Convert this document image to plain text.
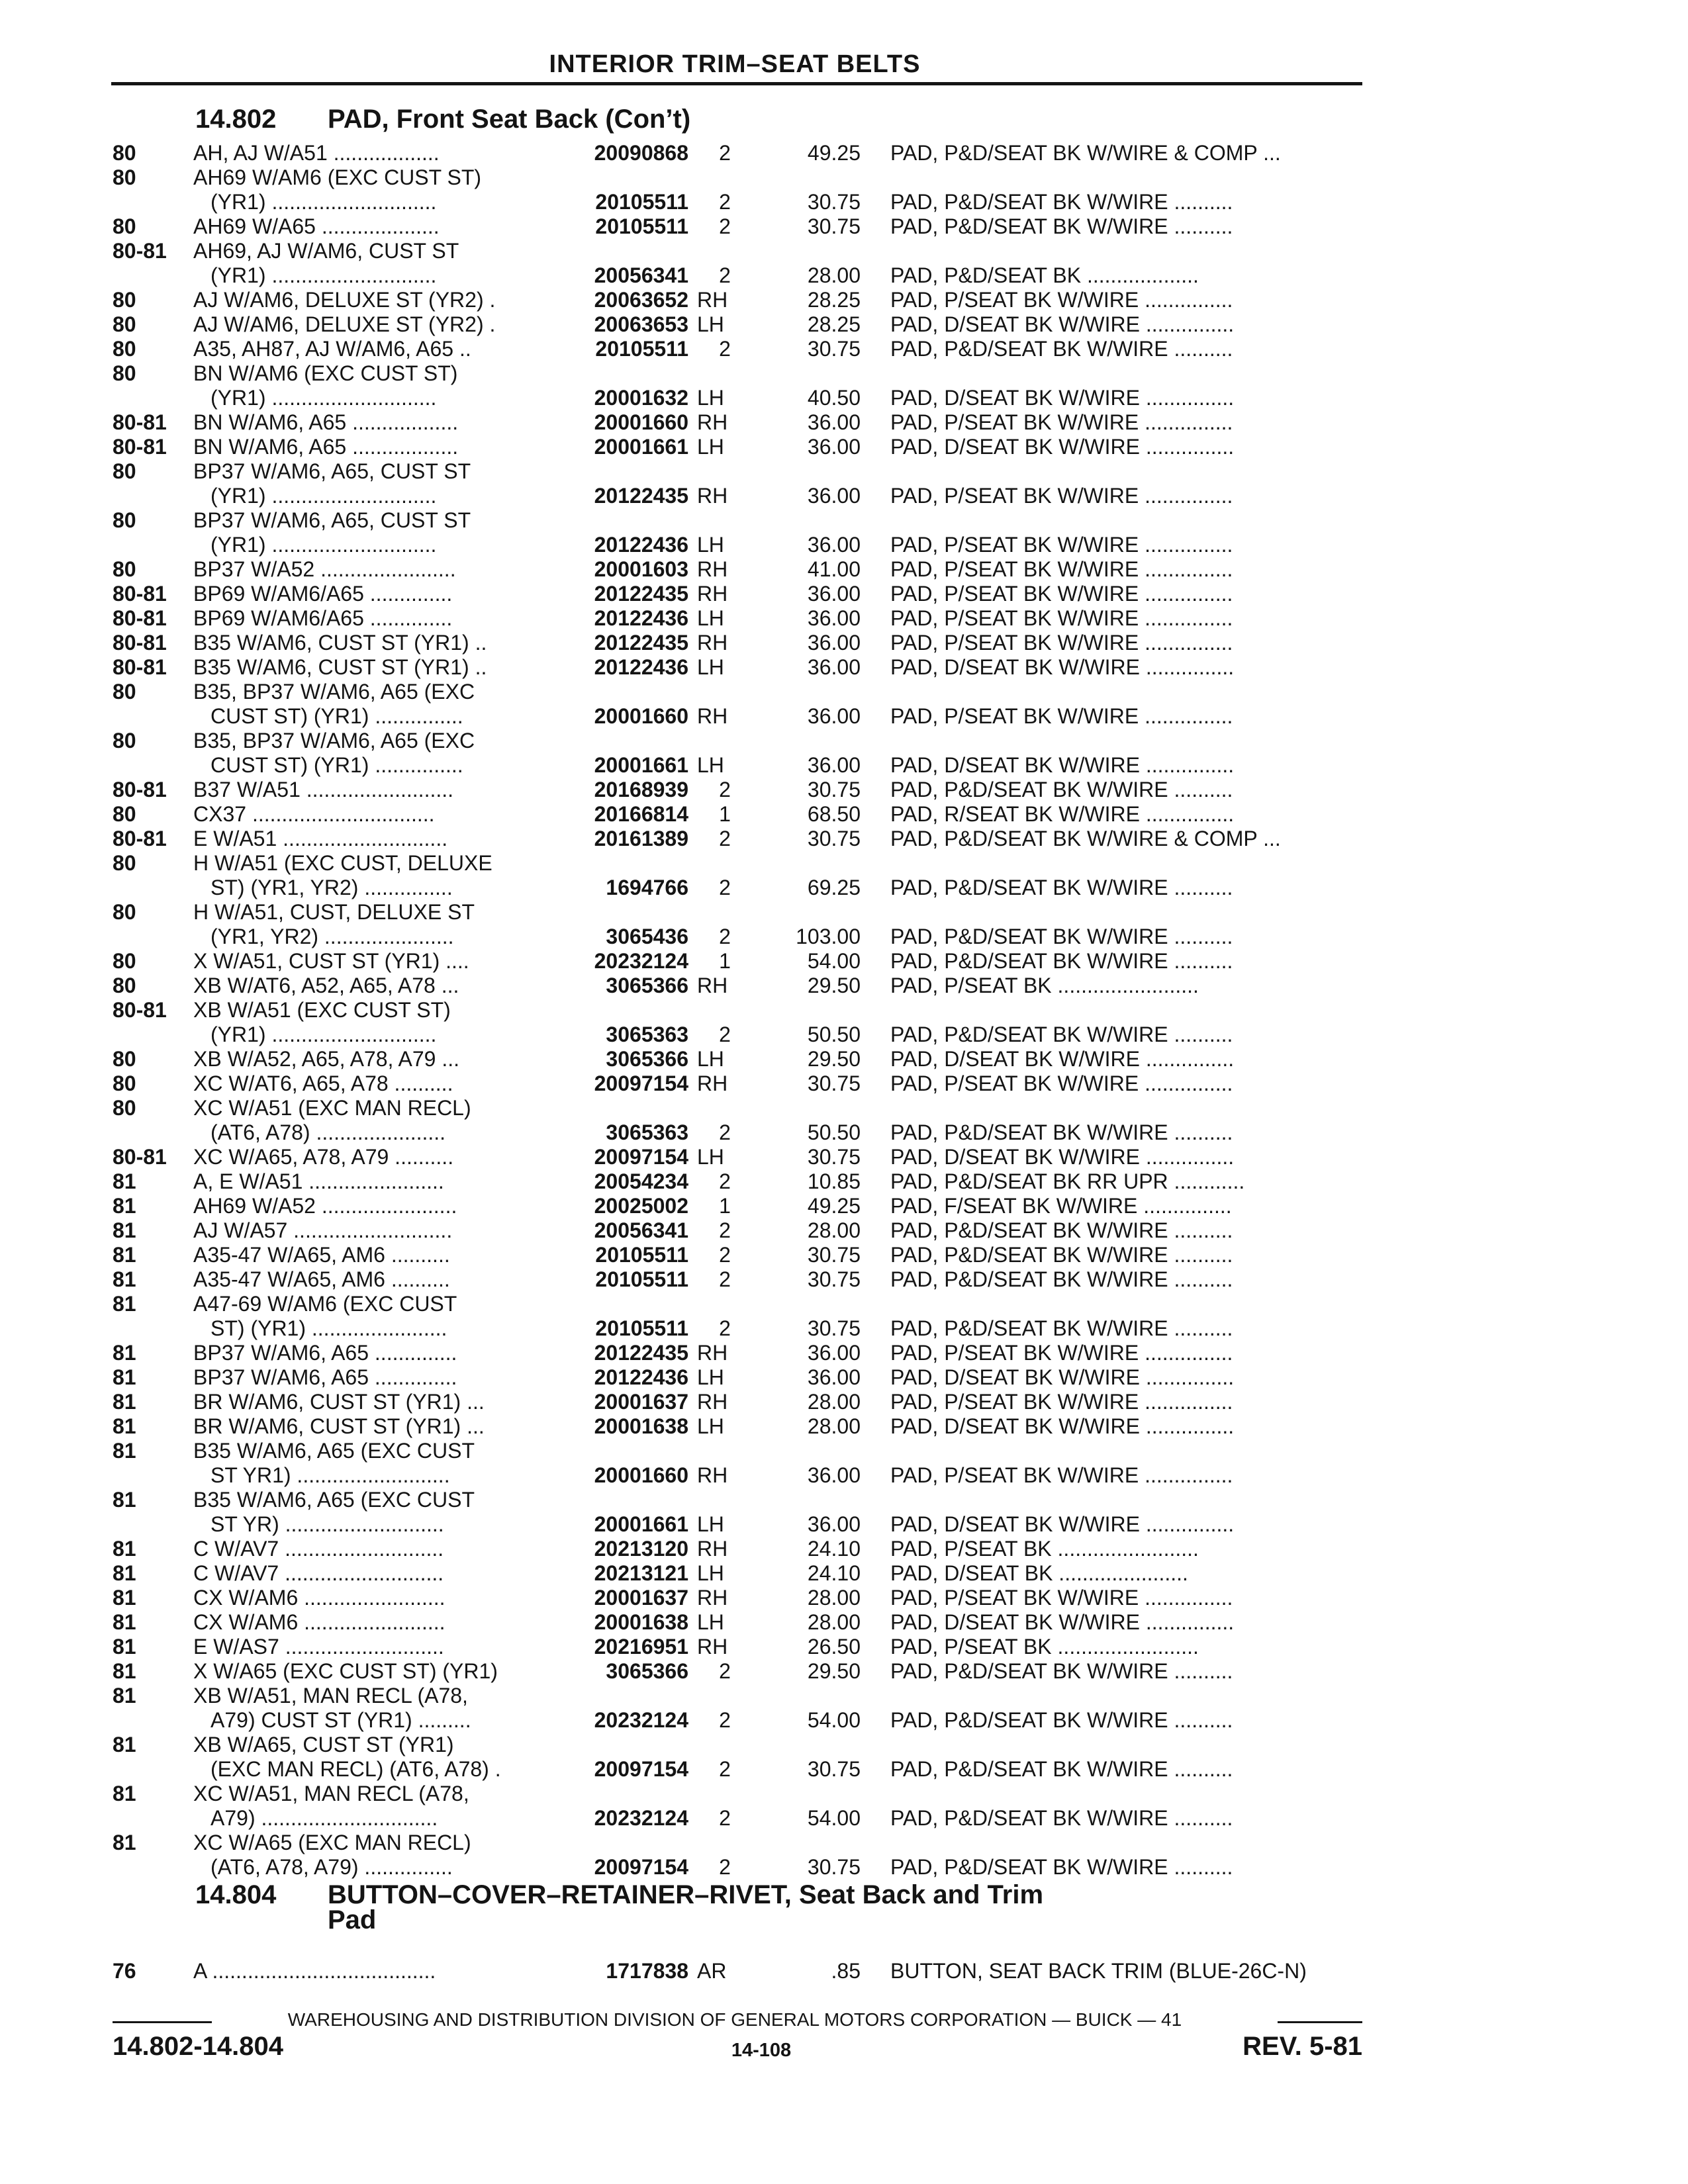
INTERIOR TRIM–SEAT BELTS
14.802 PAD, Front Seat Back (Con’t)
80	AH, AJ W/A51 ..................	20090868	2	49.25 PAD, P&D/SEAT BK W/WIRE & COMP ...
80	AH69 W/AM6 (EXC CUST ST)
(YR1) ............................	20105511	2	30.75 PAD, P&D/SEAT BK W/WIRE ..........
80	AH69 W/A65 ....................	20105511	2	30.75 PAD, P&D/SEAT BK W/WIRE ..........
80-81 AH69, AJ W/AM6, CUST ST
(YR1) ............................	20056341	2	28.00 PAD, P&D/SEAT BK ...................
80	AJ W/AM6, DELUXE ST (YR2) .	20063652 RH	28.25 PAD, P/SEAT BK W/WIRE ...............
80	AJ W/AM6, DELUXE ST (YR2) .	20063653 LH	28.25 PAD, D/SEAT BK W/WIRE ...............
80	A35, AH87, AJ W/AM6, A65 ..	20105511	2	30.75 PAD, P&D/SEAT BK W/WIRE ..........
80	BN W/AM6 (EXC CUST ST)
(YR1) ............................	20001632 LH	40.50 PAD, D/SEAT BK W/WIRE ...............
80-81 BN W/AM6, A65 ..................	20001660 RH	36.00 PAD, P/SEAT BK W/WIRE ...............
80-81 BN W/AM6, A65 ..................	20001661 LH	36.00 PAD, D/SEAT BK W/WIRE ...............
80	BP37 W/AM6, A65, CUST ST
(YR1) ............................	20122435 RH	36.00 PAD, P/SEAT BK W/WIRE ...............
80	BP37 W/AM6, A65, CUST ST
(YR1) ............................	20122436 LH	36.00 PAD, P/SEAT BK W/WIRE ...............
80	BP37 W/A52 .......................	20001603 RH	41.00 PAD, P/SEAT BK W/WIRE ...............
80-81 BP69 W/AM6/A65 ..............	20122435 RH	36.00 PAD, P/SEAT BK W/WIRE ...............
80-81 BP69 W/AM6/A65 ..............	20122436 LH	36.00 PAD, P/SEAT BK W/WIRE ...............
80-81 B35 W/AM6, CUST ST (YR1) ..	20122435 RH	36.00 PAD, P/SEAT BK W/WIRE ...............
80-81 B35 W/AM6, CUST ST (YR1) ..	20122436 LH	36.00 PAD, D/SEAT BK W/WIRE ...............
80	B35, BP37 W/AM6, A65 (EXC
CUST ST) (YR1) ...............	20001660 RH	36.00 PAD, P/SEAT BK W/WIRE ...............
80	B35, BP37 W/AM6, A65 (EXC
CUST ST) (YR1) ...............	20001661 LH	36.00 PAD, D/SEAT BK W/WIRE ...............
80-81 B37 W/A51 .........................	20168939	2	30.75 PAD, P&D/SEAT BK W/WIRE ..........
80	CX37 ...............................	20166814	1	68.50 PAD, R/SEAT BK W/WIRE ...............
80-81 E W/A51 ............................	20161389	2	30.75 PAD, P&D/SEAT BK W/WIRE & COMP ...
80	H W/A51 (EXC CUST, DELUXE
ST) (YR1, YR2) ...............	1694766	2	69.25 PAD, P&D/SEAT BK W/WIRE ..........
80	H W/A51, CUST, DELUXE ST
(YR1, YR2) ......................	3065436	2	103.00 PAD, P&D/SEAT BK W/WIRE ..........
80	X W/A51, CUST ST (YR1) ....	20232124	1	54.00 PAD, P&D/SEAT BK W/WIRE ..........
80	XB W/AT6, A52, A65, A78 ...	3065366 RH	29.50 PAD, P/SEAT BK ........................
80-81 XB W/A51 (EXC CUST ST)
(YR1) ............................	3065363	2	50.50 PAD, P&D/SEAT BK W/WIRE ..........
80	XB W/A52, A65, A78, A79 ...	3065366 LH	29.50 PAD, D/SEAT BK W/WIRE ...............
80	XC W/AT6, A65, A78 ..........	20097154 RH	30.75 PAD, P/SEAT BK W/WIRE ...............
80	XC W/A51 (EXC MAN RECL)
(AT6, A78) ......................	3065363	2	50.50 PAD, P&D/SEAT BK W/WIRE ..........
80-81 XC W/A65, A78, A79 ..........	20097154 LH	30.75 PAD, D/SEAT BK W/WIRE ...............
81	A, E W/A51 .......................	20054234	2	10.85 PAD, P&D/SEAT BK RR UPR ............
81	AH69 W/A52 .......................	20025002	1	49.25 PAD, F/SEAT BK W/WIRE ...............
81	AJ W/A57 ...........................	20056341	2	28.00 PAD, P&D/SEAT BK W/WIRE ..........
81	A35-47 W/A65, AM6 ..........	20105511	2	30.75 PAD, P&D/SEAT BK W/WIRE ..........
81	A35-47 W/A65, AM6 ..........	20105511	2	30.75 PAD, P&D/SEAT BK W/WIRE ..........
81	A47-69 W/AM6 (EXC CUST
ST) (YR1) .......................	20105511	2	30.75 PAD, P&D/SEAT BK W/WIRE ..........
81	BP37 W/AM6, A65 ..............	20122435 RH	36.00 PAD, P/SEAT BK W/WIRE ...............
81	BP37 W/AM6, A65 ..............	20122436 LH	36.00 PAD, D/SEAT BK W/WIRE ...............
81	BR W/AM6, CUST ST (YR1) ...	20001637 RH	28.00 PAD, P/SEAT BK W/WIRE ...............
81	BR W/AM6, CUST ST (YR1) ...	20001638 LH	28.00 PAD, D/SEAT BK W/WIRE ...............
81	B35 W/AM6, A65 (EXC CUST
ST YR1) ..........................	20001660 RH	36.00 PAD, P/SEAT BK W/WIRE ...............
81	B35 W/AM6, A65 (EXC CUST
ST YR) ...........................	20001661 LH	36.00 PAD, D/SEAT BK W/WIRE ...............
81	C W/AV7 ...........................	20213120 RH	24.10 PAD, P/SEAT BK ........................
81	C W/AV7 ...........................	20213121 LH	24.10 PAD, D/SEAT BK ......................
81	CX W/AM6 ........................	20001637 RH	28.00 PAD, P/SEAT BK W/WIRE ...............
81	CX W/AM6 ........................	20001638 LH	28.00 PAD, D/SEAT BK W/WIRE ...............
81	E W/AS7 ...........................	20216951 RH	26.50 PAD, P/SEAT BK ........................
81	X W/A65 (EXC CUST ST) (YR1)	3065366	2	29.50 PAD, P&D/SEAT BK W/WIRE ..........
81	XB W/A51, MAN RECL (A78,
A79) CUST ST (YR1) .........	20232124	2	54.00 PAD, P&D/SEAT BK W/WIRE ..........
81	XB W/A65, CUST ST (YR1)
(EXC MAN RECL) (AT6, A78) .	20097154	2	30.75 PAD, P&D/SEAT BK W/WIRE ..........
81	XC W/A51, MAN RECL (A78,
A79) ..............................	20232124	2	54.00 PAD, P&D/SEAT BK W/WIRE ..........
81	XC W/A65 (EXC MAN RECL)
(AT6, A78, A79) ...............	20097154	2	30.75 PAD, P&D/SEAT BK W/WIRE ..........
14.804 BUTTON–COVER–RETAINER–RIVET, Seat Back and Trim
Pad
76	A ......................................	1717838 AR	.85 BUTTON, SEAT BACK TRIM (BLUE-26C-N)
WAREHOUSING AND DISTRIBUTION DIVISION OF GENERAL MOTORS CORPORATION — BUICK — 41
14.802-14.804	14-108	REV. 5-81
